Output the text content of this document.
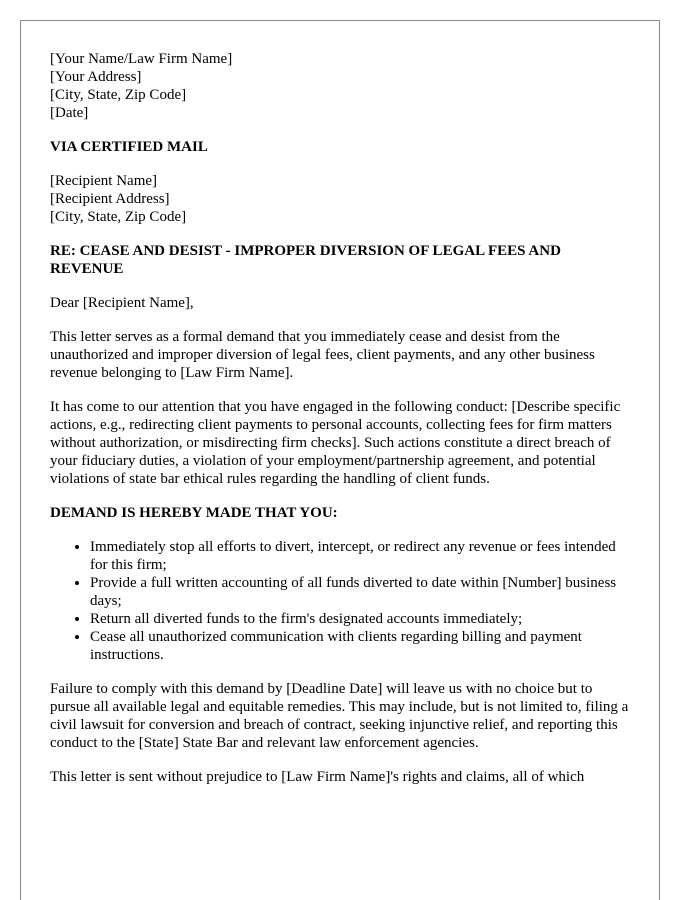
[Your Name/Law Firm Name]
[Your Address]
[City, State, Zip Code]
[Date]
VIA CERTIFIED MAIL
[Recipient Name]
[Recipient Address]
[City, State, Zip Code]
RE: CEASE AND DESIST - IMPROPER DIVERSION OF LEGAL FEES AND REVENUE

Dear [Recipient Name],

This letter serves as a formal demand that you immediately cease and desist from the unauthorized and improper diversion of legal fees, client payments, and any other business revenue belonging to [Law Firm Name].

It has come to our attention that you have engaged in the following conduct: [Describe specific actions, e.g., redirecting client payments to personal accounts, collecting fees for firm matters without authorization, or misdirecting firm checks]. Such actions constitute a direct breach of your fiduciary duties, a violation of your employment/partnership agreement, and potential violations of state bar ethical rules regarding the handling of client funds.

DEMAND IS HEREBY MADE THAT YOU:
• Immediately stop all efforts to divert, intercept, or redirect any revenue or fees intended for this firm;
• Provide a full written accounting of all funds diverted to date within [Number] business days;
• Return all diverted funds to the firm's designated accounts immediately;
• Cease all unauthorized communication with clients regarding billing and payment instructions.

Failure to comply with this demand by [Deadline Date] will leave us with no choice but to pursue all available legal and equitable remedies. This may include, but is not limited to, filing a civil lawsuit for conversion and breach of contract, seeking injunctive relief, and reporting this conduct to the [State] State Bar and relevant law enforcement agencies.

This letter is sent without prejudice to [Law Firm Name]'s rights and claims, all of which
